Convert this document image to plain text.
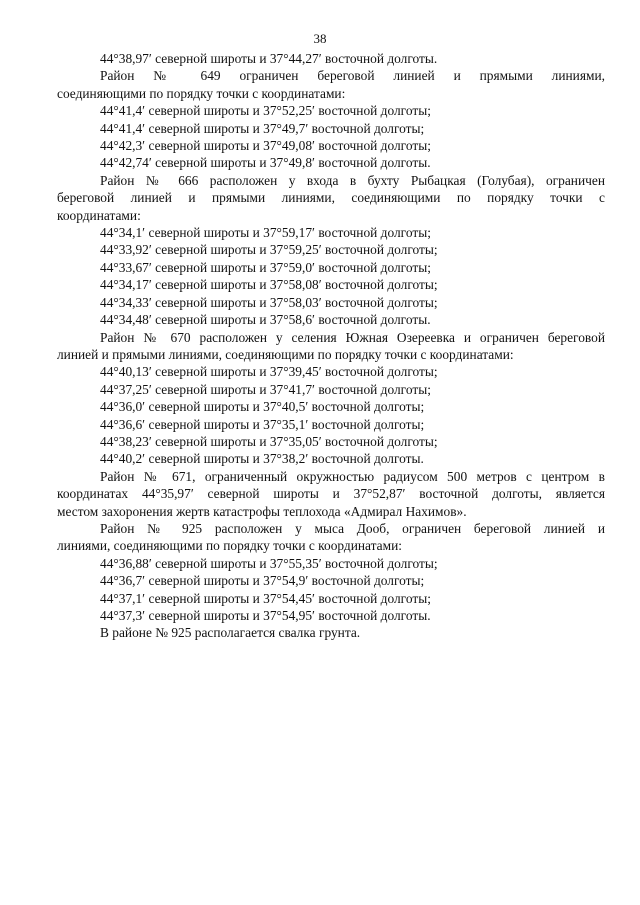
38

44°38,97′ северной широты и 37°44,27′ восточной долготы.

Район № 649 ограничен береговой линией и прямыми линиями,

соединяющими по порядку точки с координатами:

44°41,4′ северной широты и 37°52,25′ восточной долготы;

44°41,4′ северной широты и 37°49,7′ восточной долготы;

44°42,3′ северной широты и 37°49,08′ восточной долготы;

44°42,74′ северной широты и 37°49,8′ восточной долготы.

Район № 666 расположен у входа в бухту Рыбацкая (Голубая), ограничен

береговой линией и прямыми линиями, соединяющими по порядку точки с

координатами:

44°34,1′ северной широты и 37°59,17′ восточной долготы;

44°33,92′ северной широты и 37°59,25′ восточной долготы;

44°33,67′ северной широты и 37°59,0′ восточной долготы;

44°34,17′ северной широты и 37°58,08′ восточной долготы;

44°34,33′ северной широты и 37°58,03′ восточной долготы;

44°34,48′ северной широты и 37°58,6′ восточной долготы.

Район № 670 расположен у селения Южная Озереевка и ограничен береговой

линией и прямыми линиями, соединяющими по порядку точки с координатами:

44°40,13′ северной широты и 37°39,45′ восточной долготы;

44°37,25′ северной широты и 37°41,7′ восточной долготы;

44°36,0′ северной широты и 37°40,5′ восточной долготы;

44°36,6′ северной широты и 37°35,1′ восточной долготы;

44°38,23′ северной широты и 37°35,05′ восточной долготы;

44°40,2′ северной широты и 37°38,2′ восточной долготы.

Район № 671, ограниченный окружностью радиусом 500 метров с центром в

координатах 44°35,97′ северной широты и 37°52,87′ восточной долготы, является

местом захоронения жертв катастрофы теплохода «Адмирал Нахимов».

Район № 925 расположен у мыса Дооб, ограничен береговой линией и

линиями, соединяющими по порядку точки с координатами:

44°36,88′ северной широты и 37°55,35′ восточной долготы;

44°36,7′ северной широты и 37°54,9′ восточной долготы;

44°37,1′ северной широты и 37°54,45′ восточной долготы;

44°37,3′ северной широты и 37°54,95′ восточной долготы.

В районе № 925 располагается свалка грунта.
